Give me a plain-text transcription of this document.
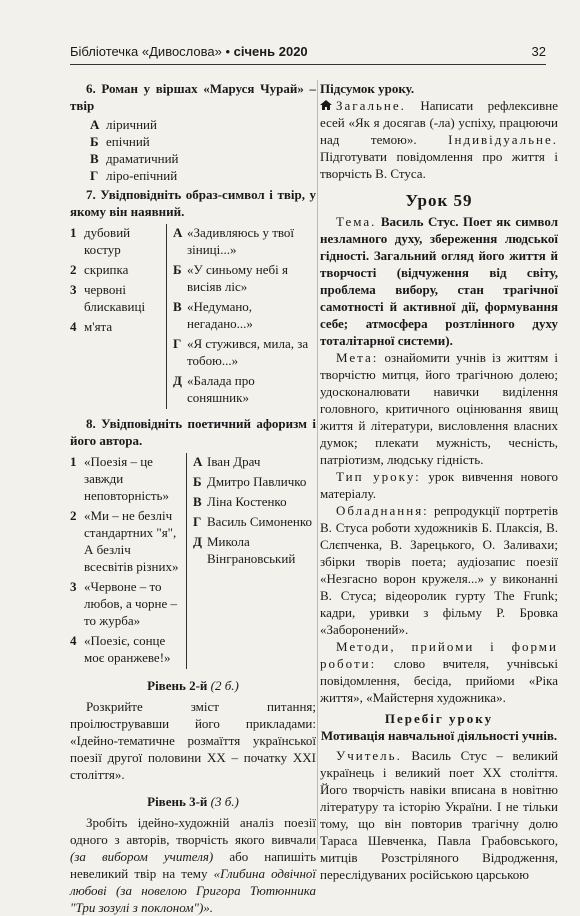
Бібліотечка «Дивослова» • січень 2020	32

6. Роман у віршах «Маруся Чурай» – твір

А ліричний
Б епічний
В драматичний
Г ліро-епічний

7. Увідповідніть образ-символ і твір, у якому він наявний.

1 дубовий костур
2 скрипка
3 червоні блискавиці
4 м'ята
А «Задивляюсь у твої зіниці...»
Б «У синьому небі я висіяв ліс»
В «Недумано, негадано...»
Г «Я стужився, мила, за тобою...»
Д «Балада про соняшник»

8. Увідповідніть поетичний афоризм і його автора.

1 «Поезія – це завжди неповторність»
2 «Ми – не безліч стандартних "я", А безліч всесвітів різних»
3 «Червоне – то любов, а чорне – то журба»
4 «Поезіє, сонце моє оранжеве!»
А Іван Драч
Б Дмитро Павличко
В Ліна Костенко
Г Василь Симоненко
Д Микола Вінграновський

Рівень 2-й (2 б.)

Розкрийте зміст питання; проілюструвавши його прикладами: «Ідейно-тематичне розмаїття української поезії другої половини XX – початку XXI століття».

Рівень 3-й (3 б.)

Зробіть ідейно-художній аналіз поезії одного з авторів, творчість якого вивчали (за вибором учителя) або напишіть невеликий твір на тему «Глибина одвічної любові (за новелою Григора Тютюнника "Три зозулі з поклоном")».

Підсумок уроку.

Загальне. Написати рефлексивне есей «Як я досягав (-ла) успіху, працюючи над темою». Індивідуальне. Підготувати повідомлення про життя і творчість В. Стуса.

Урок 59

Тема. Василь Стус. Поет як символ незламного духу, збереження людської гідності. Загальний огляд його життя й творчості (відчуження від світу, проблема вибору, стан трагічної самотності й активної дії, формування себе; атмосфера розтлінного духу тоталітарної системи).

Мета: ознайомити учнів із життям і творчістю митця, його трагічною долею; удосконалювати навички виділення головного, критичного оцінювання явищ життя й літератури, висловлення власних думок; плекати мужність, чесність, патріотизм, людську гідність.

Тип уроку: урок вивчення нового матеріалу.

Обладнання: репродукції портретів В. Стуса роботи художників Б. Плаксія, В. Слєпченка, В. Зарецького, О. Заливахи; збірки творів поета; аудіозапис поезії «Незгасно ворон кружеля...» у виконанні В. Стуса; відеоролик гурту The Frunk; кадри, уривки з фільму Р. Бровка «Заборонений».

Методи, прийоми і форми роботи: слово вчителя, учнівські повідомлення, бесіда, прийоми «Ріка життя», «Майстерня художника».

Перебіг уроку

Мотивація навчальної діяльності учнів.

Учитель. Василь Стус – великий українець і великий поет XX століття. Його творчість навіки вписана в новітню літературу та історію України. І не тільки тому, що він повторив трагічну долю Тараса Шевченка, Павла Грабовського, митців Розстріляного Відродження, переслідуваних російською царською
